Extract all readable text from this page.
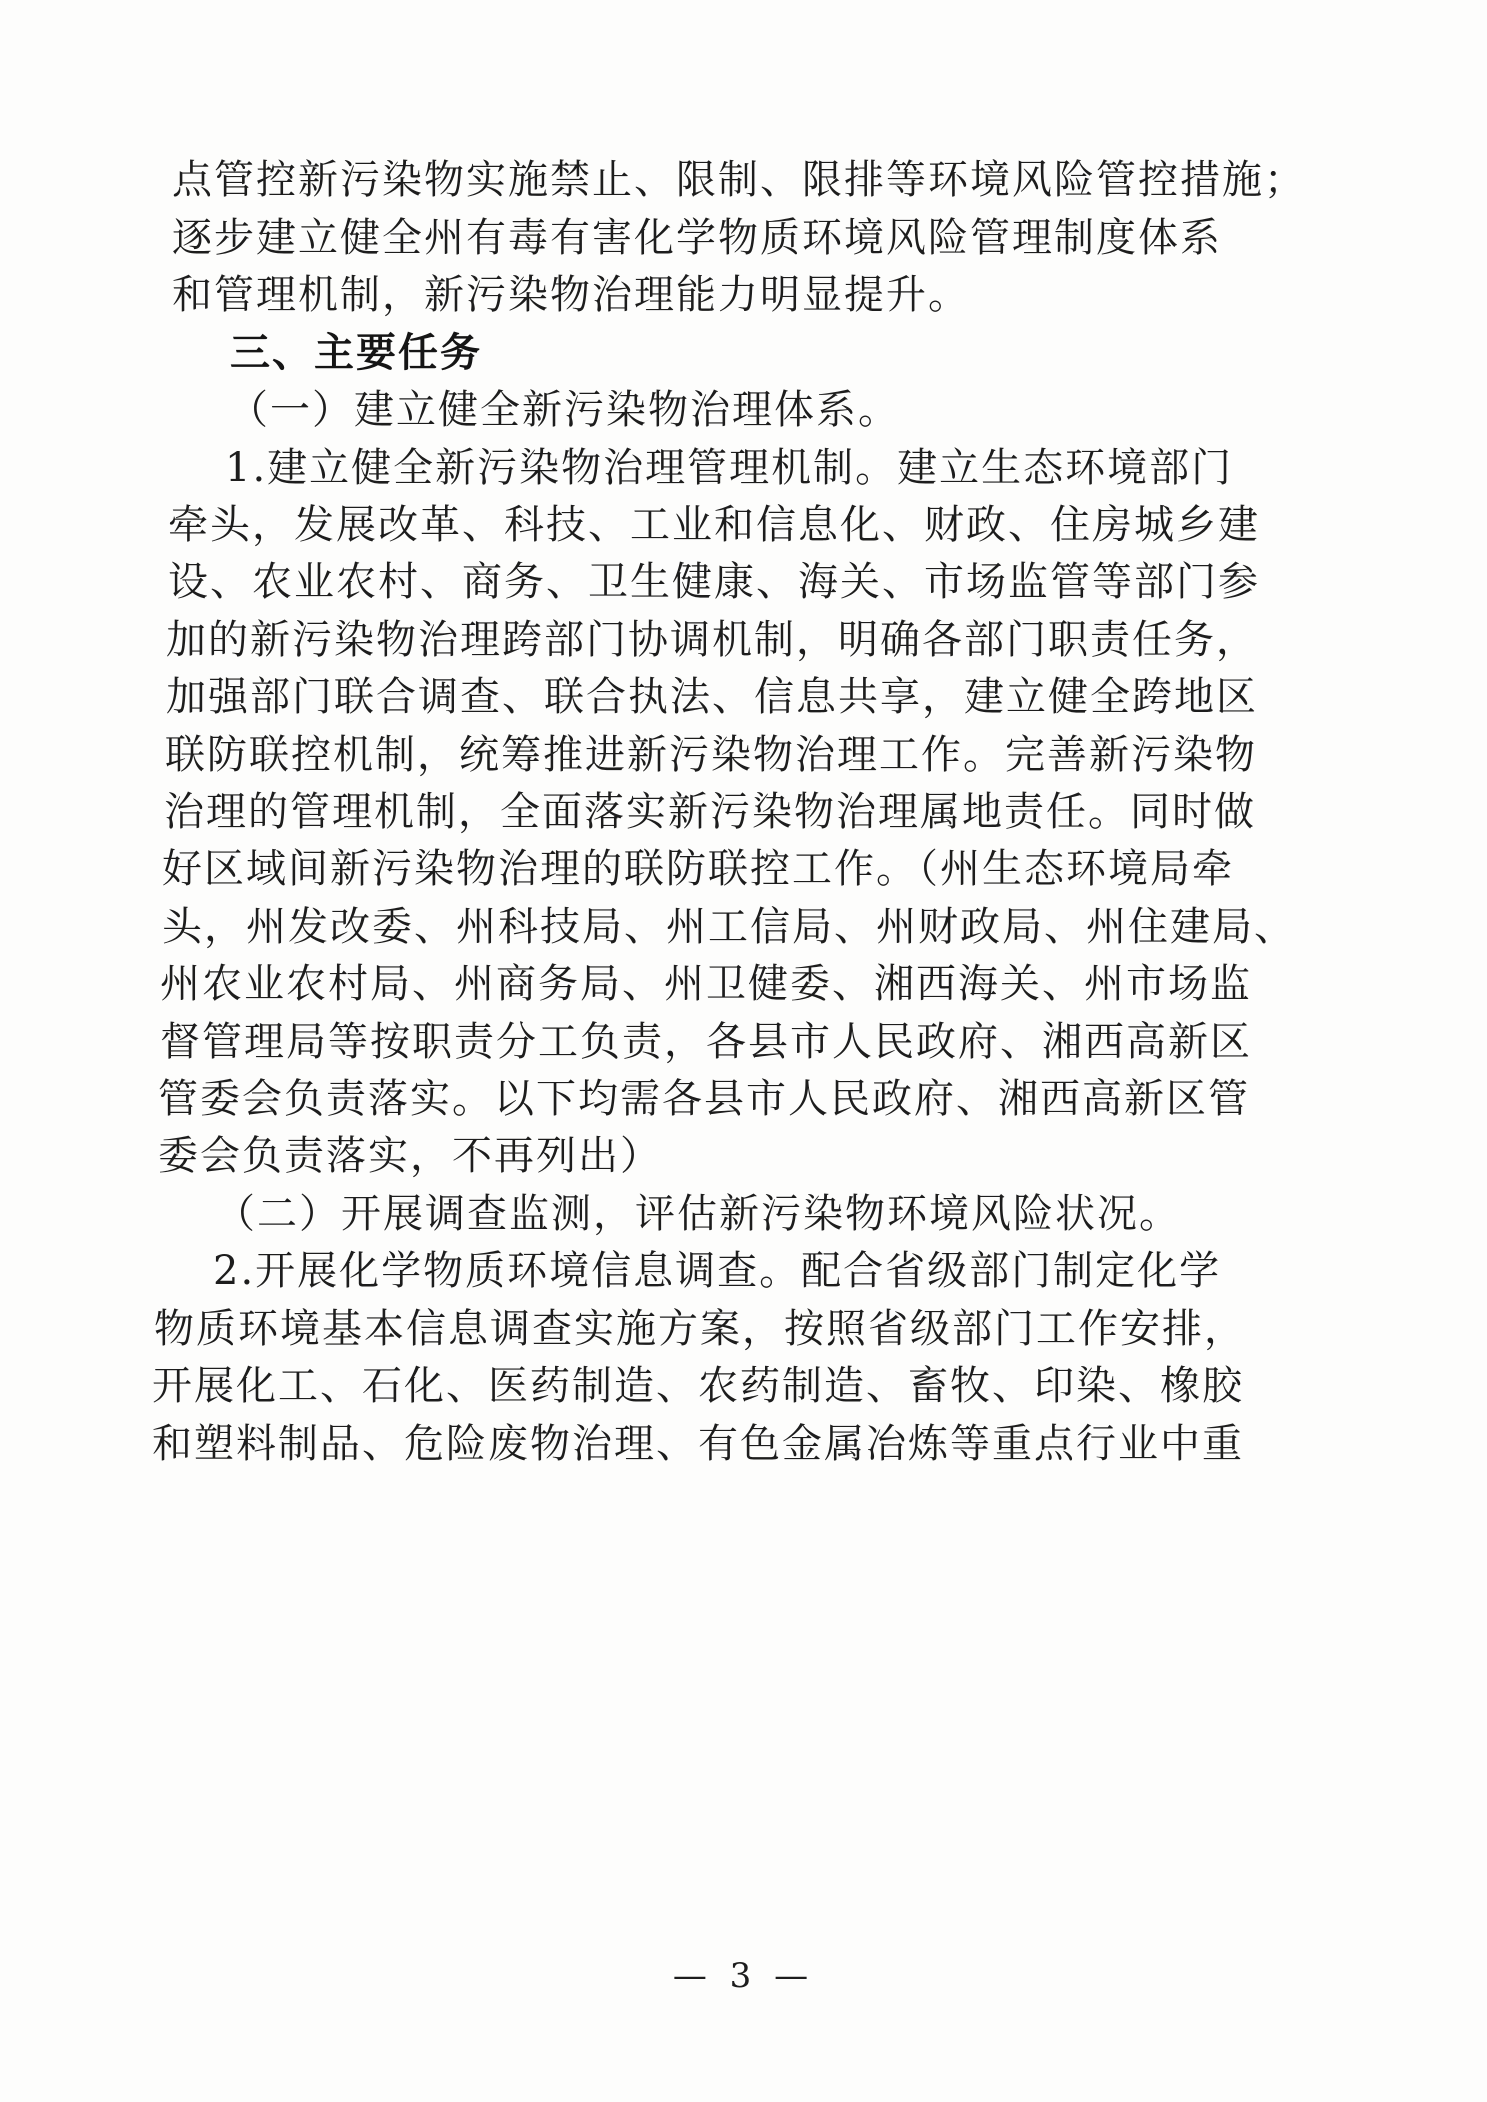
点管控新污染物实施禁止、限制、限排等环境风险管控措施；
逐步建立健全州有毒有害化学物质环境风险管理制度体系
和管理机制，新污染物治理能力明显提升。
三、主要任务
（一）建立健全新污染物治理体系。
1.建立健全新污染物治理管理机制。建立生态环境部门
牵头，发展改革、科技、工业和信息化、财政、住房城乡建
设、农业农村、商务、卫生健康、海关、市场监管等部门参
加的新污染物治理跨部门协调机制，明确各部门职责任务，
加强部门联合调查、联合执法、信息共享，建立健全跨地区
联防联控机制，统筹推进新污染物治理工作。完善新污染物
治理的管理机制，全面落实新污染物治理属地责任。同时做
好区域间新污染物治理的联防联控工作。（州生态环境局牵
头，州发改委、州科技局、州工信局、州财政局、州住建局、
州农业农村局、州商务局、州卫健委、湘西海关、州市场监
督管理局等按职责分工负责，各县市人民政府、湘西高新区
管委会负责落实。以下均需各县市人民政府、湘西高新区管
委会负责落实，不再列出）
（二）开展调查监测，评估新污染物环境风险状况。
2.开展化学物质环境信息调查。配合省级部门制定化学
物质环境基本信息调查实施方案，按照省级部门工作安排，
开展化工、石化、医药制造、农药制造、畜牧、印染、橡胶
和塑料制品、危险废物治理、有色金属冶炼等重点行业中重
— 3 —
